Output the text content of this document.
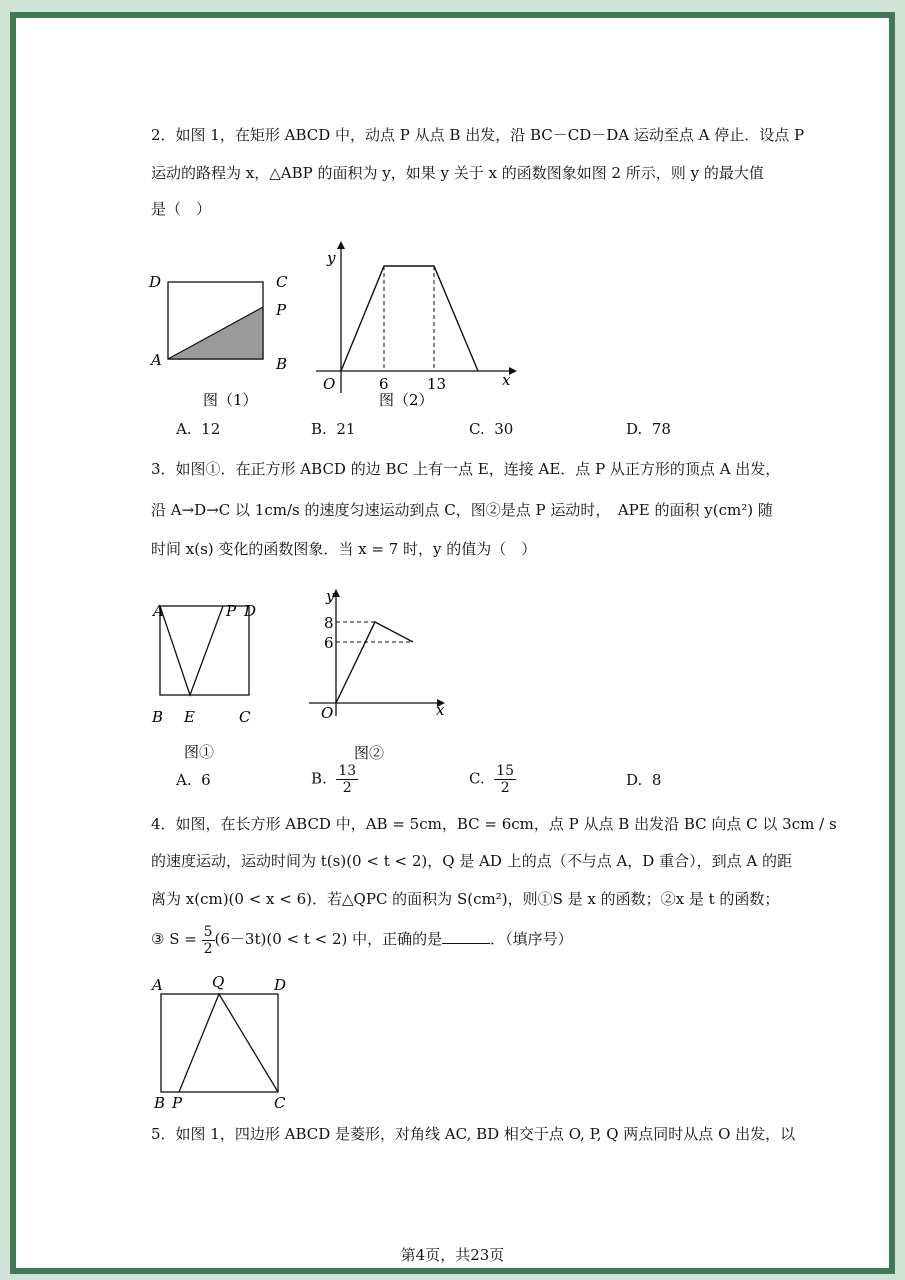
2．如图 1，在矩形 ABCD 中，动点 P 从点 B 出发，沿 BC－CD－DA 运动至点 A 停止．设点 P
运动的路程为 x，△ABP 的面积为 y，如果 y 关于 x 的函数图象如图 2 所示，则 y 的最大值
是（　）
D	C
P
A	B
图（1）
y
x
O	6	13
图（2）
A. 12	B. 21	C. 30	D. 78
3．如图①．在正方形 ABCD 的边 BC 上有一点 E，连接 AE．点 P 从正方形的顶点 A 出发，
沿 A→D→C 以 1cm/s 的速度匀速运动到点 C，图②是点 P 运动时，　APE 的面积 y(cm²) 随
时间 x(s) 变化的函数图象．当 x = 7 时，y 的值为（　）
A	P D
B E	C
图①
y
x
O
8
6
图②
A. 6	B. $\frac{13}{2}$	C. $\frac{15}{2}$	D. 8
4．如图，在长方形 ABCD 中，AB = 5cm，BC = 6cm，点 P 从点 B 出发沿 BC 向点 C 以 3cm / s
的速度运动，运动时间为 t(s)(0 < t < 2)，Q 是 AD 上的点（不与点 A，D 重合），到点 A 的距
离为 x(cm)(0 < x < 6)．若△QPC 的面积为 S(cm²)，则①S 是 x 的函数；②x 是 t 的函数；
③ $S = \frac{5}{2} (6-3t)(0 < t < 2)$ 中，正确的是	．（填序号）
A	Q	D
B P	C
5．如图 1，四边形 ABCD 是菱形，对角线 AC, BD 相交于点 O, P, Q 两点同时从点 O 出发，以
第4页，共23页
